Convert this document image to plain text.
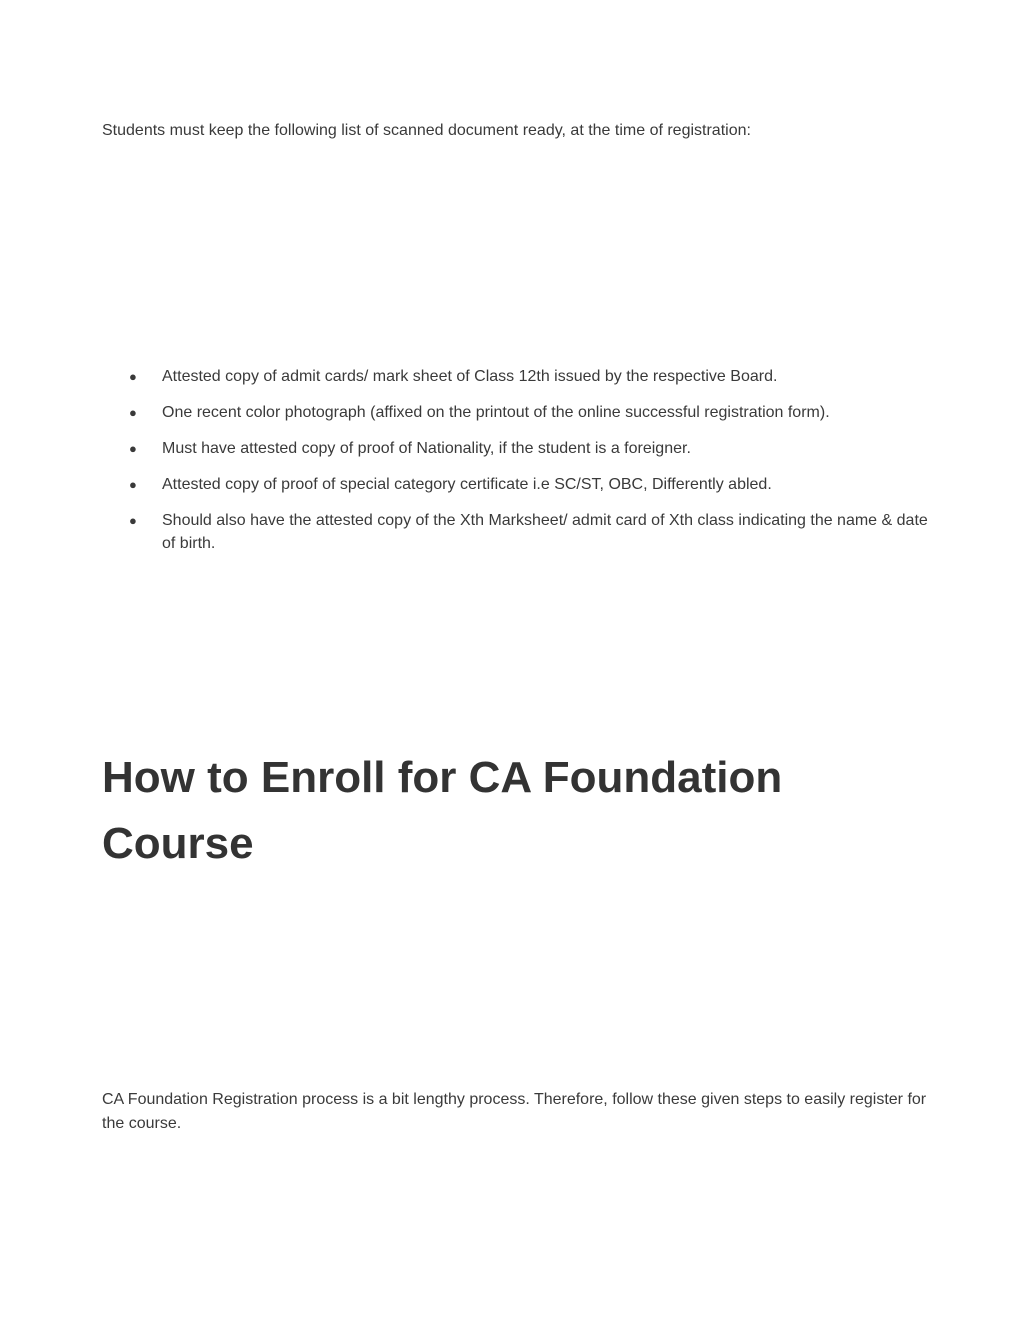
Students must keep the following list of scanned document ready, at the time of registration:

● Attested copy of admit cards/ mark sheet of Class 12th issued by the respective Board.
● One recent color photograph (affixed on the printout of the online successful registration form).
● Must have attested copy of proof of Nationality, if the student is a foreigner.
● Attested copy of proof of special category certificate i.e SC/ST, OBC, Differently abled.
● Should also have the attested copy of the Xth Marksheet/ admit card of Xth class indicating the name & date of birth.
How to Enroll for CA Foundation Course

CA Foundation Registration process is a bit lengthy process. Therefore, follow these given steps to easily register for the course.
